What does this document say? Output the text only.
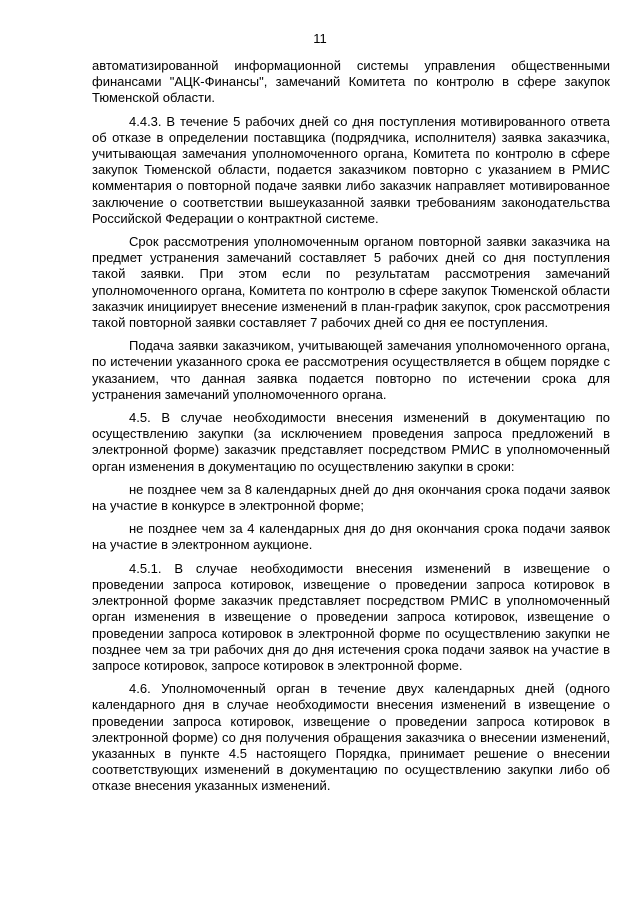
11

автоматизированной информационной системы управления общественными финансами "АЦК-Финансы", замечаний Комитета по контролю в сфере закупок Тюменской области.

4.4.3. В течение 5 рабочих дней со дня поступления мотивированного ответа об отказе в определении поставщика (подрядчика, исполнителя) заявка заказчика, учитывающая замечания уполномоченного органа, Комитета по контролю в сфере закупок Тюменской области, подается заказчиком повторно с указанием в РМИС комментария о повторной подаче заявки либо заказчик направляет мотивированное заключение о соответствии вышеуказанной заявки требованиям законодательства Российской Федерации о контрактной системе.

Срок рассмотрения уполномоченным органом повторной заявки заказчика на предмет устранения замечаний составляет 5 рабочих дней со дня поступления такой заявки. При этом если по результатам рассмотрения замечаний уполномоченного органа, Комитета по контролю в сфере закупок Тюменской области заказчик инициирует внесение изменений в план-график закупок, срок рассмотрения такой повторной заявки составляет 7 рабочих дней со дня ее поступления.

Подача заявки заказчиком, учитывающей замечания уполномоченного органа, по истечении указанного срока ее рассмотрения осуществляется в общем порядке с указанием, что данная заявка подается повторно по истечении срока для устранения замечаний уполномоченного органа.

4.5. В случае необходимости внесения изменений в документацию по осуществлению закупки (за исключением проведения запроса предложений в электронной форме) заказчик представляет посредством РМИС в уполномоченный орган изменения в документацию по осуществлению закупки в сроки:

не позднее чем за 8 календарных дней до дня окончания срока подачи заявок на участие в конкурсе в электронной форме;

не позднее чем за 4 календарных дня до дня окончания срока подачи заявок на участие в электронном аукционе.

4.5.1. В случае необходимости внесения изменений в извещение о проведении запроса котировок, извещение о проведении запроса котировок в электронной форме заказчик представляет посредством РМИС в уполномоченный орган изменения в извещение о проведении запроса котировок, извещение о проведении запроса котировок в электронной форме по осуществлению закупки не позднее чем за три рабочих дня до дня истечения срока подачи заявок на участие в запросе котировок, запросе котировок в электронной форме.

4.6. Уполномоченный орган в течение двух календарных дней (одного календарного дня в случае необходимости внесения изменений в извещение о проведении запроса котировок, извещение о проведении запроса котировок в электронной форме) со дня получения обращения заказчика о внесении изменений, указанных в пункте 4.5 настоящего Порядка, принимает решение о внесении соответствующих изменений в документацию по осуществлению закупки либо об отказе внесения указанных изменений.
